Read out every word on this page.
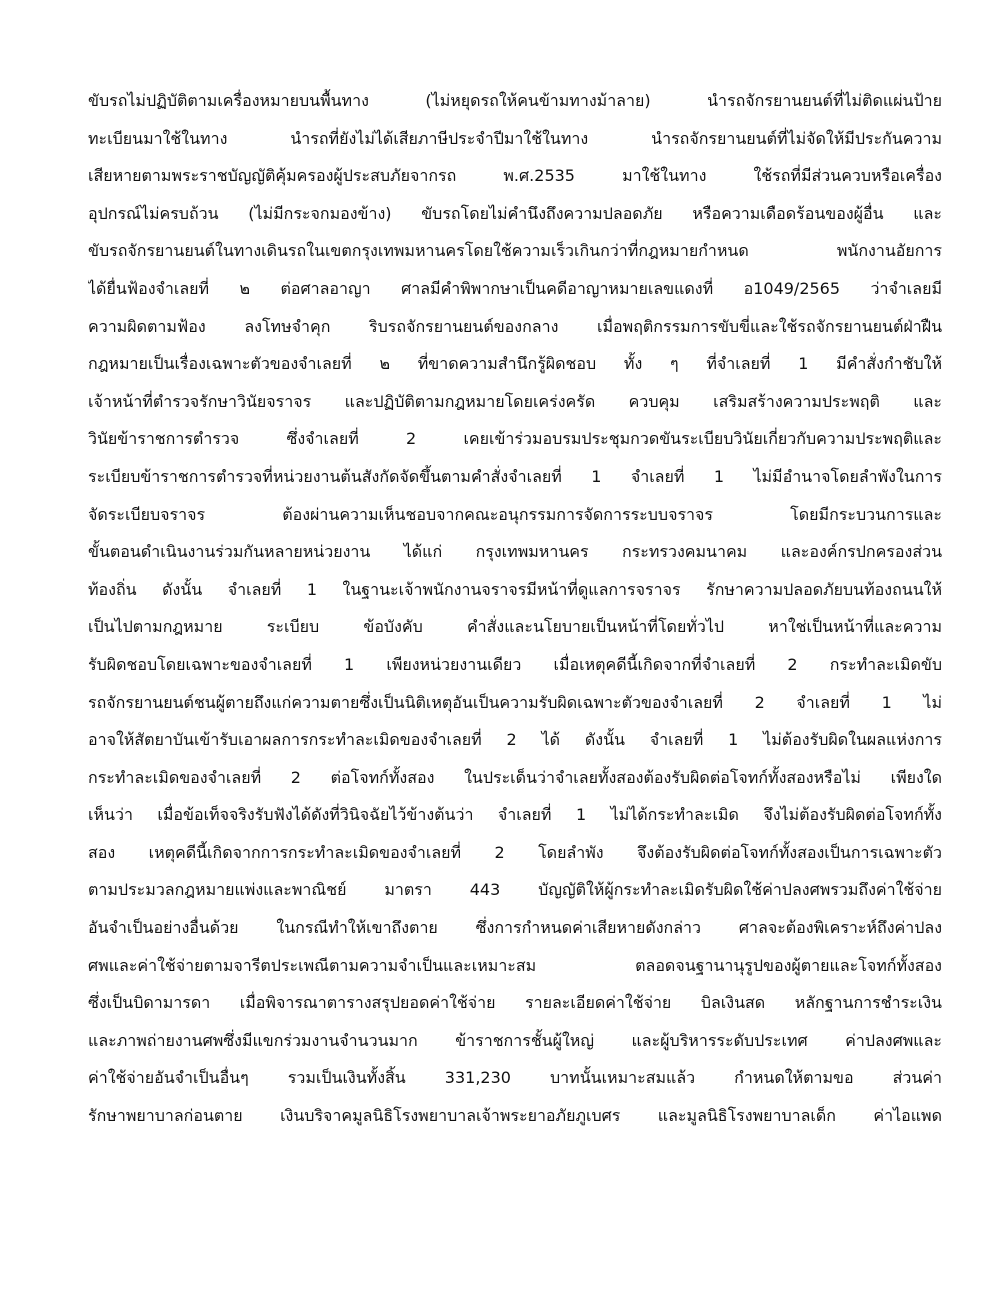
ขับรถไม่ปฏิบัติตามเครื่องหมายบนพื้นทาง (ไม่หยุดรถให้คนข้ามทางม้าลาย) นำรถจักรยานยนต์ที่ไม่ติดแผ่นป้าย
ทะเบียนมาใช้ในทาง นำรถที่ยังไม่ได้เสียภาษีประจำปีมาใช้ในทาง นำรถจักรยานยนต์ที่ไม่จัดให้มีประกันความ
เสียหายตามพระราชบัญญัติคุ้มครองผู้ประสบภัยจากรถ พ.ศ.2535 มาใช้ในทาง ใช้รถที่มีส่วนควบหรือเครื่อง
อุปกรณ์ไม่ครบถ้วน (ไม่มีกระจกมองข้าง) ขับรถโดยไม่คำนึงถึงความปลอดภัย หรือความเดือดร้อนของผู้อื่น และ
ขับรถจักรยานยนต์ในทางเดินรถในเขตกรุงเทพมหานครโดยใช้ความเร็วเกินกว่าที่กฎหมายกำหนด พนักงานอัยการ
ได้ยื่นฟ้องจำเลยที่ ๒ ต่อศาลอาญา ศาลมีคำพิพากษาเป็นคดีอาญาหมายเลขแดงที่ อ1049/2565 ว่าจำเลยมี
ความผิดตามฟ้อง ลงโทษจำคุก ริบรถจักรยานยนต์ของกลาง เมื่อพฤติกรรมการขับขี่และใช้รถจักรยานยนต์ฝ่าฝืน
กฎหมายเป็นเรื่องเฉพาะตัวของจำเลยที่ ๒ ที่ขาดความสำนึกรู้ผิดชอบ ทั้ง ๆ ที่จำเลยที่ 1 มีคำสั่งกำชับให้
เจ้าหน้าที่ตำรวจรักษาวินัยจราจร และปฏิบัติตามกฎหมายโดยเคร่งครัด ควบคุม เสริมสร้างความประพฤติ และ
วินัยข้าราชการตำรวจ ซึ่งจำเลยที่ 2 เคยเข้าร่วมอบรมประชุมกวดขันระเบียบวินัยเกี่ยวกับความประพฤติและ
ระเบียบข้าราชการตำรวจที่หน่วยงานต้นสังกัดจัดขึ้นตามคำสั่งจำเลยที่ 1 จำเลยที่ 1 ไม่มีอำนาจโดยลำพังในการ
จัดระเบียบจราจร ต้องผ่านความเห็นชอบจากคณะอนุกรรมการจัดการระบบจราจร โดยมีกระบวนการและ
ขั้นตอนดำเนินงานร่วมกันหลายหน่วยงาน ได้แก่ กรุงเทพมหานคร กระทรวงคมนาคม และองค์กรปกครองส่วน
ท้องถิ่น ดังนั้น จำเลยที่ 1 ในฐานะเจ้าพนักงานจราจรมีหน้าที่ดูแลการจราจร รักษาความปลอดภัยบนท้องถนนให้
เป็นไปตามกฎหมาย ระเบียบ ข้อบังคับ คำสั่งและนโยบายเป็นหน้าที่โดยทั่วไป หาใช่เป็นหน้าที่และความ
รับผิดชอบโดยเฉพาะของจำเลยที่ 1 เพียงหน่วยงานเดียว เมื่อเหตุคดีนี้เกิดจากที่จำเลยที่ 2 กระทำละเมิดขับ
รถจักรยานยนต์ชนผู้ตายถึงแก่ความตายซึ่งเป็นนิติเหตุอันเป็นความรับผิดเฉพาะตัวของจำเลยที่ 2 จำเลยที่ 1 ไม่
อาจให้สัตยาบันเข้ารับเอาผลการกระทำละเมิดของจำเลยที่ 2 ได้ ดังนั้น จำเลยที่ 1 ไม่ต้องรับผิดในผลแห่งการ
กระทำละเมิดของจำเลยที่ 2 ต่อโจทก์ทั้งสอง ในประเด็นว่าจำเลยทั้งสองต้องรับผิดต่อโจทก์ทั้งสองหรือไม่ เพียงใด
เห็นว่า เมื่อข้อเท็จจริงรับฟังได้ดังที่วินิจฉัยไว้ข้างต้นว่า จำเลยที่ 1 ไม่ได้กระทำละเมิด จึงไม่ต้องรับผิดต่อโจทก์ทั้ง
สอง เหตุคดีนี้เกิดจากการกระทำละเมิดของจำเลยที่ 2 โดยลำพัง จึงต้องรับผิดต่อโจทก์ทั้งสองเป็นการเฉพาะตัว
ตามประมวลกฎหมายแพ่งและพาณิชย์ มาตรา 443 บัญญัติให้ผู้กระทำละเมิดรับผิดใช้ค่าปลงศพรวมถึงค่าใช้จ่าย
อันจำเป็นอย่างอื่นด้วย ในกรณีทำให้เขาถึงตาย ซึ่งการกำหนดค่าเสียหายดังกล่าว ศาลจะต้องพิเคราะห์ถึงค่าปลง
ศพและค่าใช้จ่ายตามจารีตประเพณีตามความจำเป็นและเหมาะสม ตลอดจนฐานานุรูปของผู้ตายและโจทก์ทั้งสอง
ซึ่งเป็นบิดามารดา เมื่อพิจารณาตารางสรุปยอดค่าใช้จ่าย รายละเอียดค่าใช้จ่าย บิลเงินสด หลักฐานการชำระเงิน
และภาพถ่ายงานศพซึ่งมีแขกร่วมงานจำนวนมาก ข้าราชการชั้นผู้ใหญ่ และผู้บริหารระดับประเทศ ค่าปลงศพและ
ค่าใช้จ่ายอันจำเป็นอื่นๆ รวมเป็นเงินทั้งสิ้น 331,230 บาทนั้นเหมาะสมแล้ว กำหนดให้ตามขอ ส่วนค่า
รักษาพยาบาลก่อนตาย เงินบริจาคมูลนิธิโรงพยาบาลเจ้าพระยาอภัยภูเบศร และมูลนิธิโรงพยาบาลเด็ก ค่าไอแพด
